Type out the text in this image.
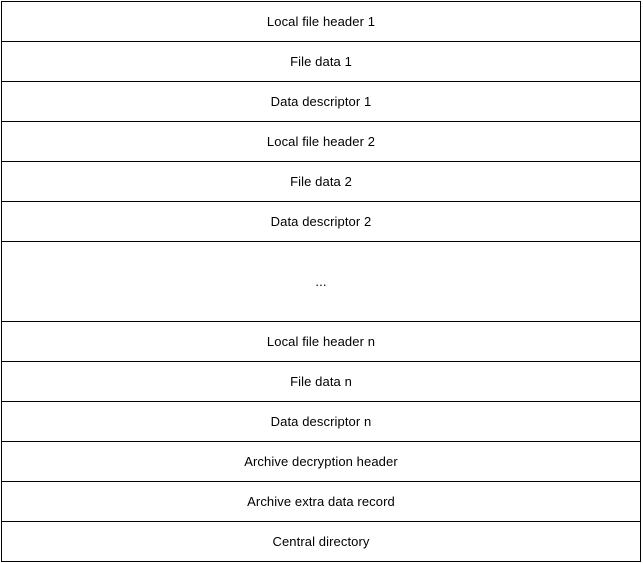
Local file header 1
File data 1
Data descriptor 1
Local file header 2
File data 2
Data descriptor 2
...
Local file header n
File data n
Data descriptor n
Archive decryption header
Archive extra data record
Central directory
